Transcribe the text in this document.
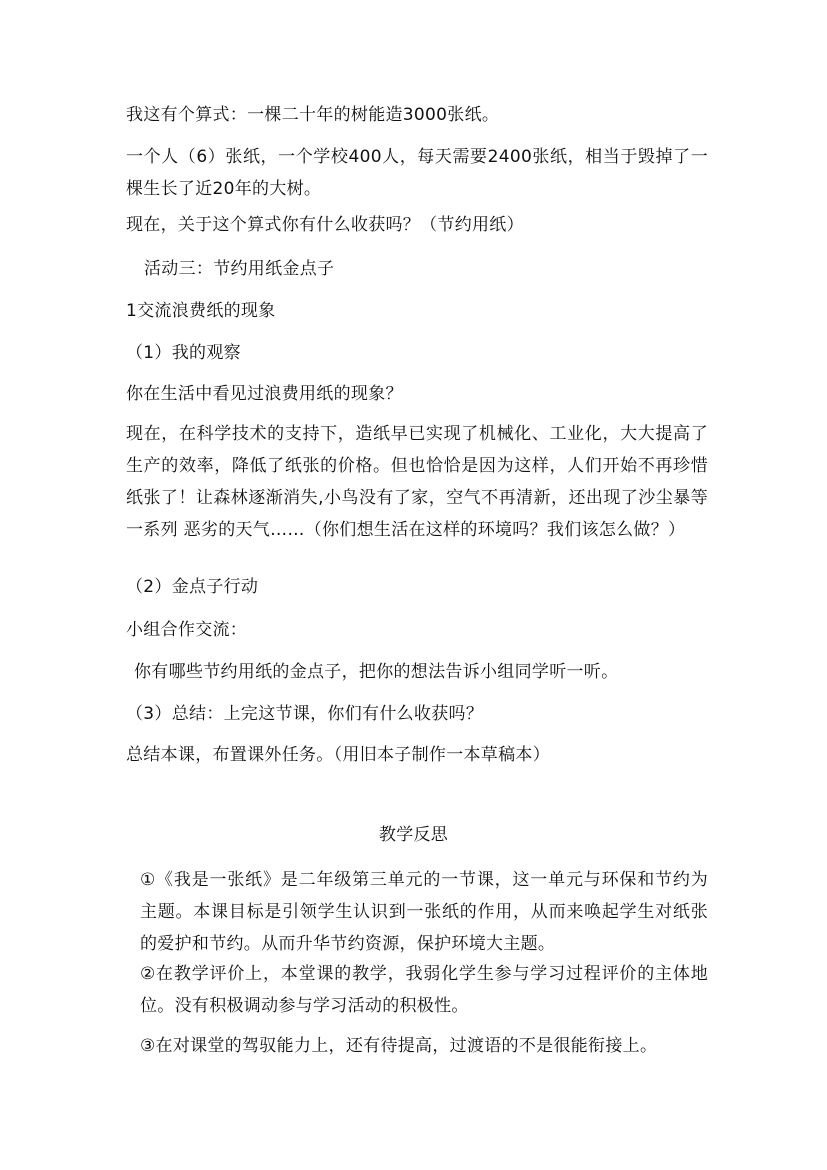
我这有个算式：一棵二十年的树能造3000张纸。
一个人（6）张纸，一个学校400人，每天需要2400张纸，相当于毁掉了一棵生长了近20年的大树。
现在，关于这个算式你有什么收获吗？（节约用纸）
活动三：节约用纸金点子
1交流浪费纸的现象
（1）我的观察
你在生活中看见过浪费用纸的现象？
现在，在科学技术的支持下，造纸早已实现了机械化、工业化，大大提高了生产的效率，降低了纸张的价格。但也恰恰是因为这样，人们开始不再珍惜纸张了！让森林逐渐消失,小鸟没有了家，空气不再清新，还出现了沙尘暴等一系列 恶劣的天气……（你们想生活在这样的环境吗？我们该怎么做？）
（2）金点子行动
小组合作交流：
你有哪些节约用纸的金点子，把你的想法告诉小组同学听一听。
（3）总结：上完这节课，你们有什么收获吗？
总结本课，布置课外任务。（用旧本子制作一本草稿本）
教学反思
①《我是一张纸》是二年级第三单元的一节课，这一单元与环保和节约为主题。本课目标是引领学生认识到一张纸的作用，从而来唤起学生对纸张的爱护和节约。从而升华节约资源，保护环境大主题。
②在教学评价上，本堂课的教学，我弱化学生参与学习过程评价的主体地位。没有积极调动参与学习活动的积极性。
③在对课堂的驾驭能力上，还有待提高，过渡语的不是很能衔接上。
